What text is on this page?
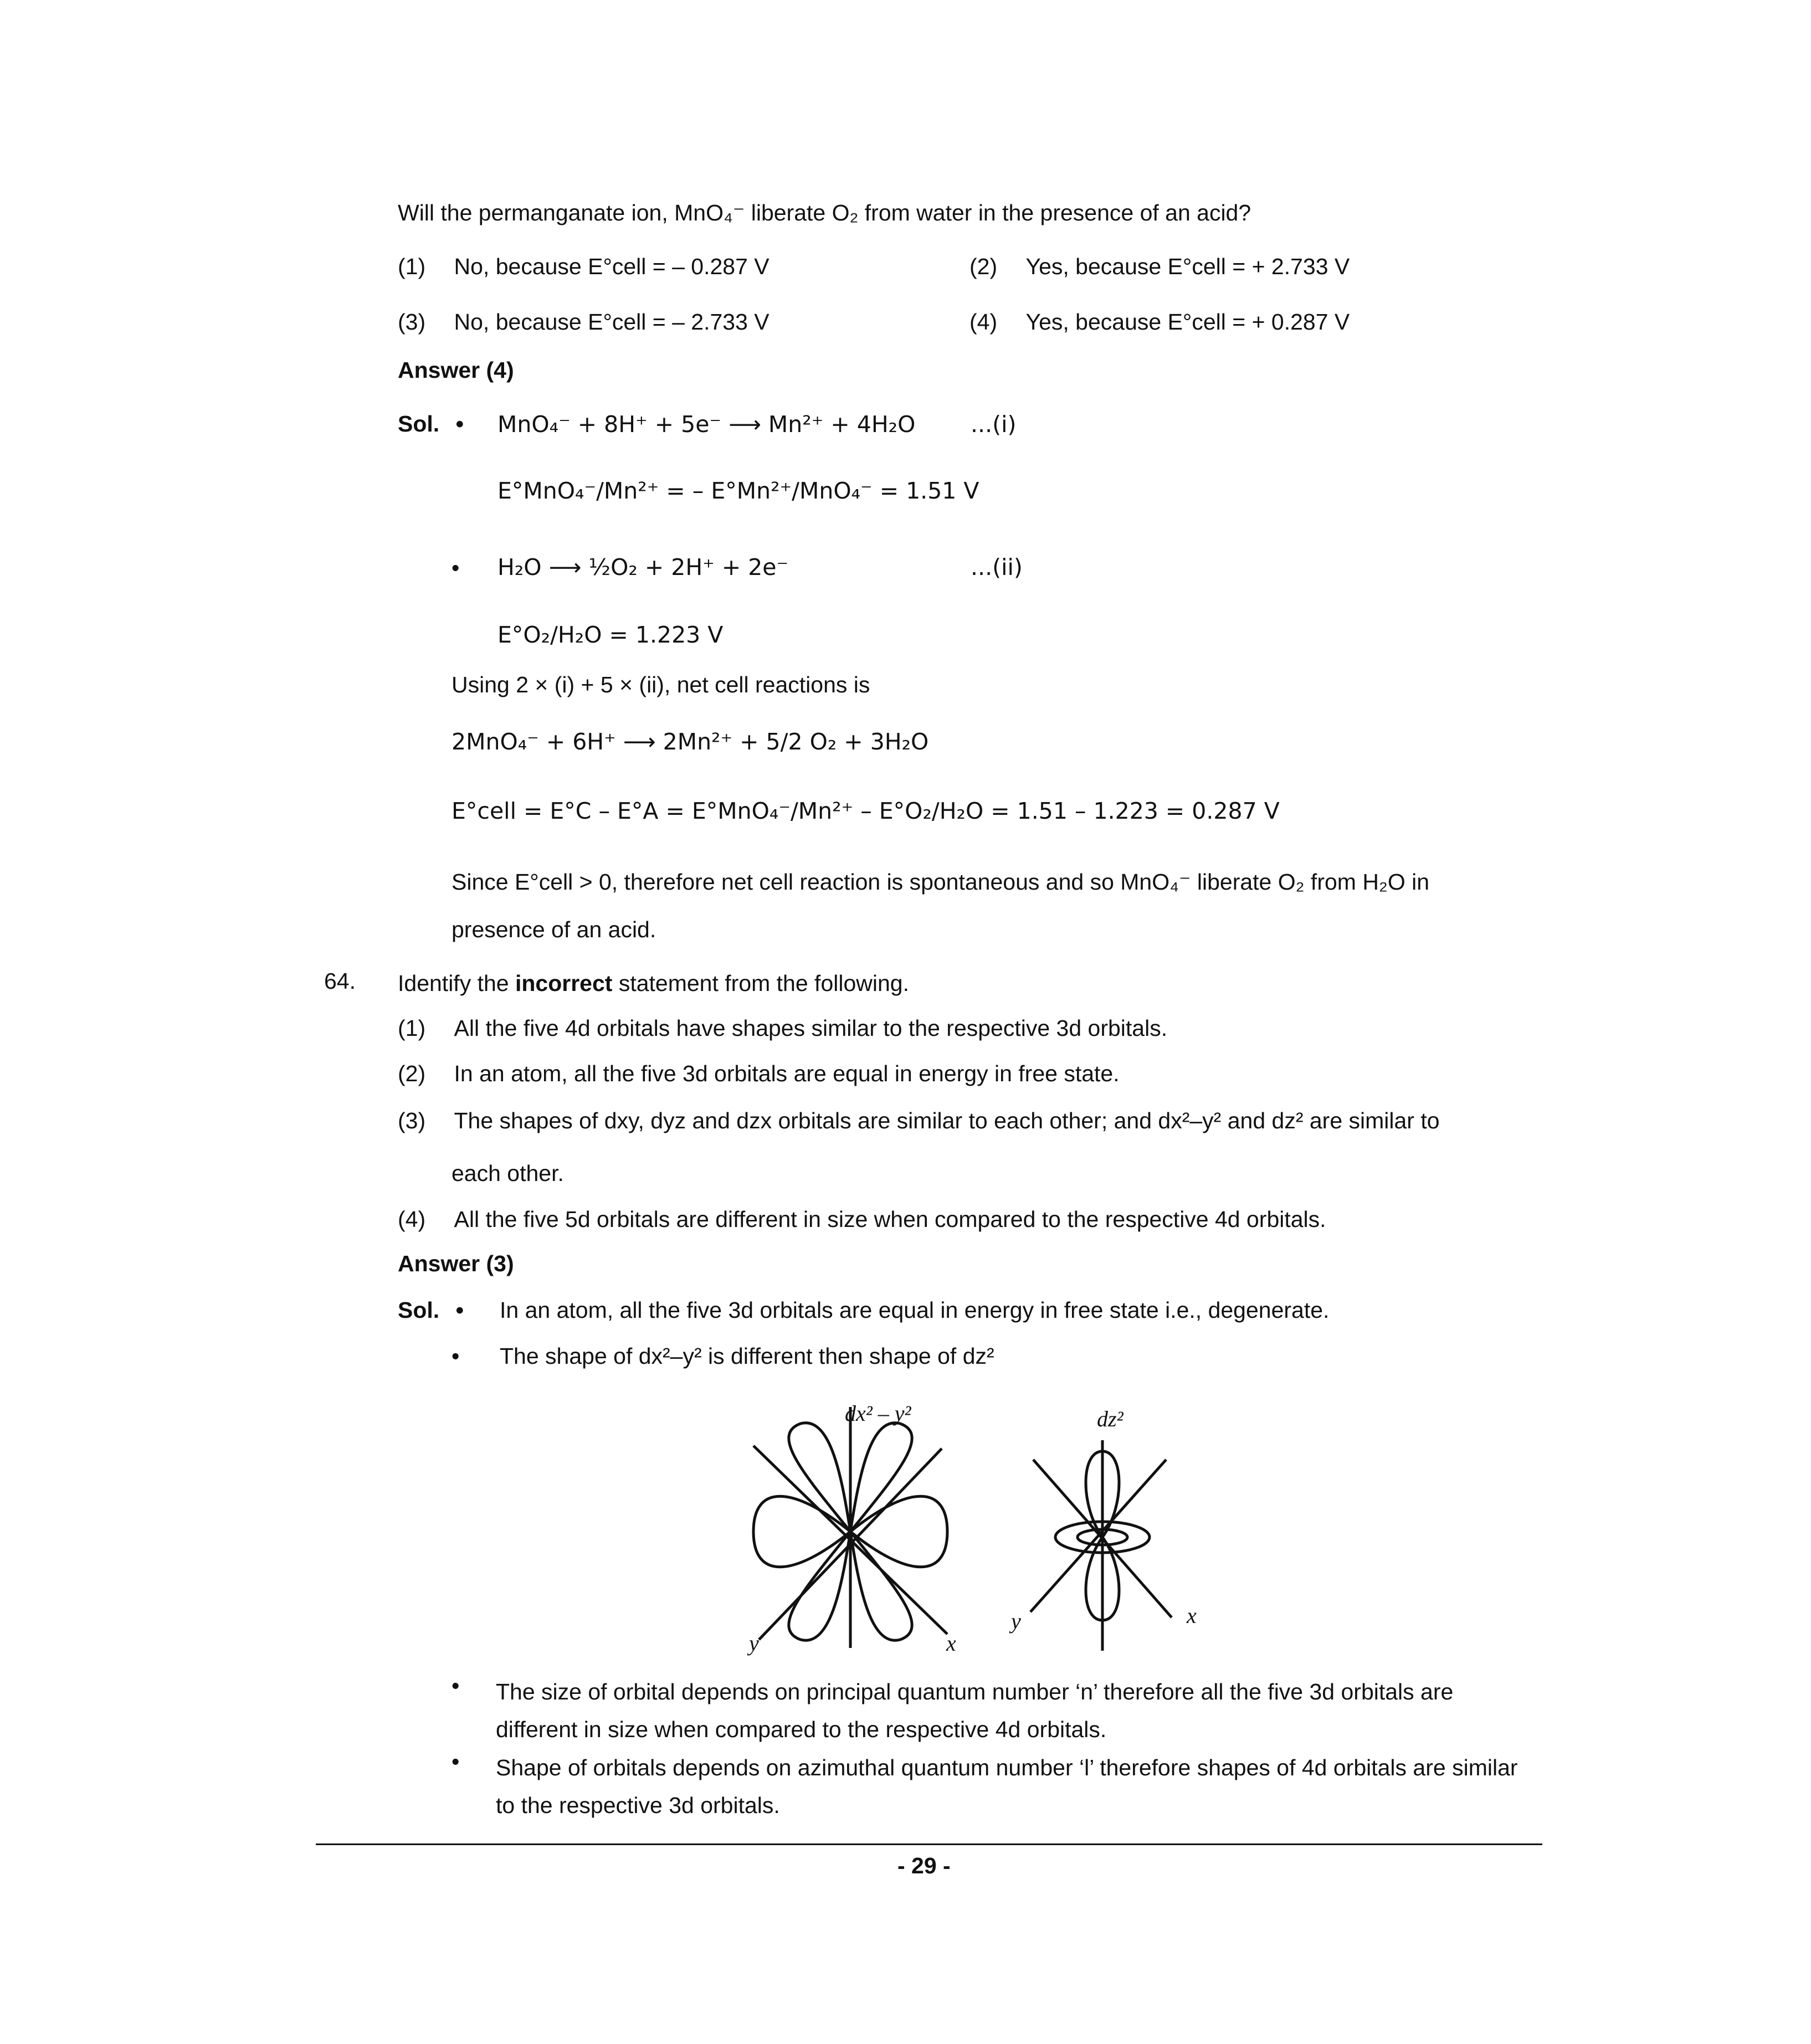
Will the permanganate ion, MnO₄⁻ liberate O₂ from water in the presence of an acid?
(1) No, because E°cell = – 0.287 V	(2) Yes, because E°cell = + 2.733 V
(3) No, because E°cell = – 2.733 V	(4) Yes, because E°cell = + 0.287 V
Answer (4)
Sol. • MnO₄⁻ + 8H⁺ + 5e⁻ ⟶ Mn²⁺ + 4H₂O ...(i)
E°MnO₄⁻/Mn²⁺ = – E°Mn²⁺/MnO₄⁻ = 1.51 V
• H₂O ⟶ ½O₂ + 2H⁺ + 2e⁻	...(ii)
E°O₂/H₂O = 1.223 V
Using 2 × (i) + 5 × (ii), net cell reactions is
2MnO₄⁻ + 6H⁺ ⟶ 2Mn²⁺ + 5/2 O₂ + 3H₂O
E°cell = E°C – E°A = E°MnO₄⁻/Mn²⁺ – E°O₂/H₂O = 1.51 – 1.223 = 0.287 V
Since E°cell > 0, therefore net cell reaction is spontaneous and so MnO₄⁻ liberate O₂ from H₂O in
presence of an acid.
64. Identify the incorrect statement from the following.
(1) All the five 4d orbitals have shapes similar to the respective 3d orbitals.
(2) In an atom, all the five 3d orbitals are equal in energy in free state.
(3) The shapes of dxy, dyz and dzx orbitals are similar to each other; and dx²–y² and dz² are similar to
each other.
(4) All the five 5d orbitals are different in size when compared to the respective 4d orbitals.
Answer (3)
Sol. • In an atom, all the five 3d orbitals are equal in energy in free state i.e., degenerate.
• The shape of dx²–y² is different then shape of dz²
dx² – y²
y	x
dz²
y	x
• The size of orbital depends on principal quantum number ‘n’ therefore all the five 3d orbitals are different in size when compared to the respective 4d orbitals.
• Shape of orbitals depends on azimuthal quantum number ‘l’ therefore shapes of 4d orbitals are similar to the respective 3d orbitals.
- 29 -
